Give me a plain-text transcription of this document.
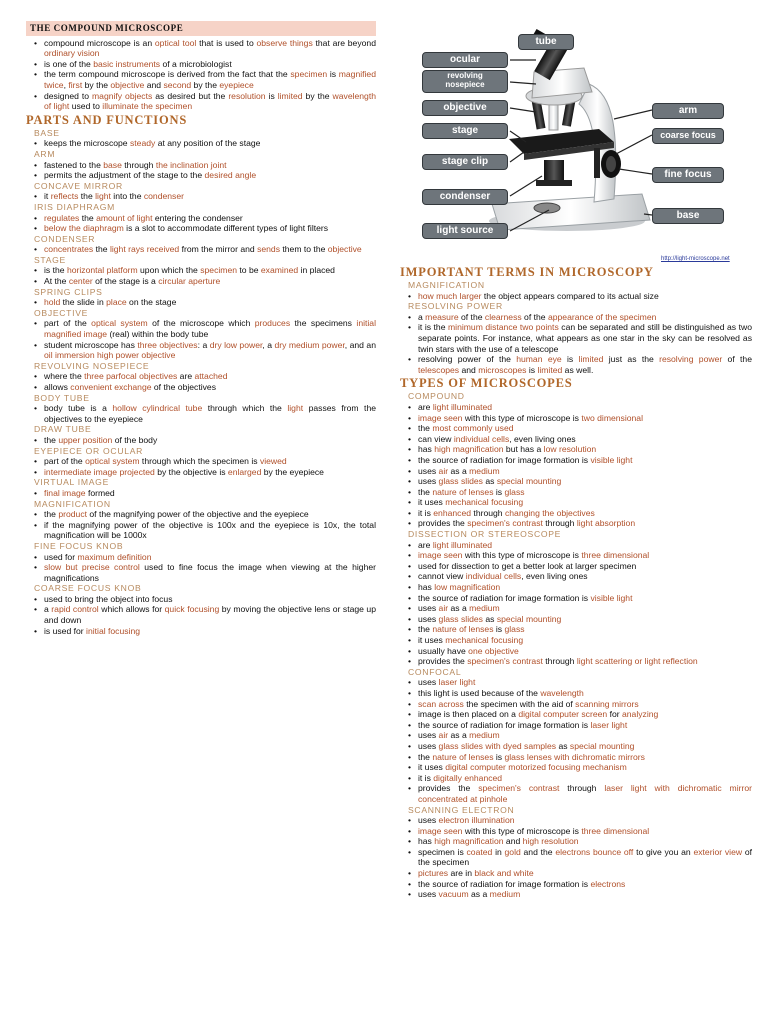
THE COMPOUND MICROSCOPE
• compound microscope is an optical tool that is used to observe things that are beyond ordinary vision
• is one of the basic instruments of a microbiologist
• the term compound microscope is derived from the fact that the specimen is magnified twice, first by the objective and second by the eyepiece
• designed to magnify objects as desired but the resolution is limited by the wavelength of light used to illuminate the specimen
PARTS AND FUNCTIONS
BASE
• keeps the microscope steady at any position of the stage
ARM
• fastened to the base through the inclination joint
• permits the adjustment of the stage to the desired angle
CONCAVE MIRROR
• it reflects the light into the condenser
IRIS DIAPHRAGM
• regulates the amount of light entering the condenser
• below the diaphragm is a slot to accommodate different types of light filters
CONDENSER
• concentrates the light rays received from the mirror and sends them to the objective
STAGE
• is the horizontal platform upon which the specimen to be examined in placed
• At the center of the stage is a circular aperture
SPRING CLIPS
• hold the slide in place on the stage
OBJECTIVE
• part of the optical system of the microscope which produces the specimens initial magnified image (real) within the body tube
• student microscope has three objectives: a dry low power, a dry medium power, and an oil immersion high power objective
REVOLVING NOSEPIECE
• where the three parfocal objectives are attached
• allows convenient exchange of the objectives
BODY TUBE
• body tube is a hollow cylindrical tube through which the light passes from the objectives to the eyepiece
DRAW TUBE
• the upper position of the body
EYEPIECE OR OCULAR
• part of the optical system through which the specimen is viewed
• intermediate image projected by the objective is enlarged by the eyepiece
VIRTUAL IMAGE
• final image formed
MAGNIFICATION
• the product of the magnifying power of the objective and the eyepiece
• if the magnifying power of the objective is 100x and the eyepiece is 10x, the total magnification will be 1000x
FINE FOCUS KNOB
• used for maximum definition
• slow but precise control used to fine focus the image when viewing at the higher magnifications
COARSE FOCUS KNOB
• used to bring the object into focus
• a rapid control which allows for quick focusing by moving the objective lens or stage up and down
• is used for initial focusing
IMPORTANT TERMS IN MICROSCOPY
MAGNIFICATION
• how much larger the object appears compared to its actual size
RESOLVING POWER
• a measure of the clearness of the appearance of the specimen
• it is the minimum distance two points can be separated and still be distinguished as two separate points. For instance, what appears as one star in the sky can be resolved as twin stars with the use of a telescope
• resolving power of the human eye is limited just as the resolving power of the telescopes and microscopes is limited as well.
TYPES OF MICROSCOPES
COMPOUND
• are light illuminated
• image seen with this type of microscope is two dimensional
• the most commonly used
• can view individual cells, even living ones
• has high magnification but has a low resolution
• the source of radiation for image formation is visible light
• uses air as a medium
• uses glass slides as special mounting
• the nature of lenses is glass
• it uses mechanical focusing
• it is enhanced through changing the objectives
• provides the specimen's contrast through light absorption
DISSECTION OR STEREOSCOPE
• are light illuminated
• image seen with this type of microscope is three dimensional
• used for dissection to get a better look at larger specimen
• cannot view individual cells, even living ones
• has low magnification
• the source of radiation for image formation is visible light
• uses air as a medium
• uses glass slides as special mounting
• the nature of lenses is glass
• it uses mechanical focusing
• usually have one objective
• provides the specimen's contrast through light scattering or light reflection
CONFOCAL
• uses laser light
• this light is used because of the wavelength
• scan across the specimen with the aid of scanning mirrors
• image is then placed on a digital computer screen for analyzing
• the source of radiation for image formation is laser light
• uses air as a medium
• uses glass slides with dyed samples as special mounting
• the nature of lenses is glass lenses with dichromatic mirrors
• it uses digital computer motorized focusing mechanism
• it is digitally enhanced
• provides the specimen's contrast through laser light with dichromatic mirror concentrated at pinhole
SCANNING ELECTRON
• uses electron illumination
• image seen with this type of microscope is three dimensional
• has high magnification and high resolution
• specimen is coated in gold and the electrons bounce off to give you an exterior view of the specimen
• pictures are in black and white
• the source of radiation for image formation is electrons
• uses vacuum as a medium
tube
ocular
revolving
nosepiece
objective
stage
stage clip
condenser
light source
arm
coarse focus
fine focus
base
http://light-microscope.net
